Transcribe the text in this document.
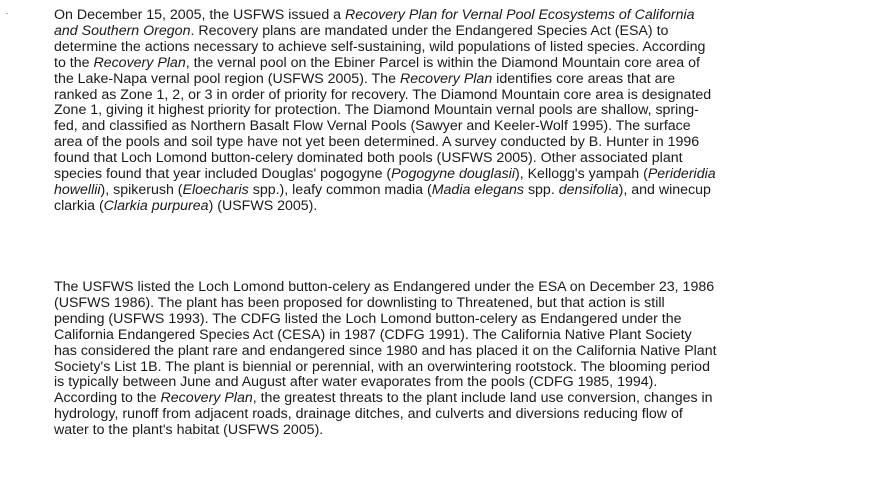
On December 15, 2005, the USFWS issued a Recovery Plan for Vernal Pool Ecosystems of California
and Southern Oregon. Recovery plans are mandated under the Endangered Species Act (ESA) to
determine the actions necessary to achieve self-sustaining, wild populations of listed species. According
to the Recovery Plan, the vernal pool on the Ebiner Parcel is within the Diamond Mountain core area of
the Lake-Napa vernal pool region (USFWS 2005). The Recovery Plan identifies core areas that are
ranked as Zone 1, 2, or 3 in order of priority for recovery. The Diamond Mountain core area is designated
Zone 1, giving it highest priority for protection. The Diamond Mountain vernal pools are shallow, spring-
fed, and classified as Northern Basalt Flow Vernal Pools (Sawyer and Keeler-Wolf 1995). The surface
area of the pools and soil type have not yet been determined. A survey conducted by B. Hunter in 1996
found that Loch Lomond button-celery dominated both pools (USFWS 2005). Other associated plant
species found that year included Douglas' pogogyne (Pogogyne douglasii), Kellogg's yampah (Perideridia
howellii), spikerush (Eloecharis spp.), leafy common madia (Madia elegans spp. densifolia), and winecup
clarkia (Clarkia purpurea) (USFWS 2005).

The USFWS listed the Loch Lomond button-celery as Endangered under the ESA on December 23, 1986
(USFWS 1986). The plant has been proposed for downlisting to Threatened, but that action is still
pending (USFWS 1993). The CDFG listed the Loch Lomond button-celery as Endangered under the
California Endangered Species Act (CESA) in 1987 (CDFG 1991). The California Native Plant Society
has considered the plant rare and endangered since 1980 and has placed it on the California Native Plant
Society's List 1B. The plant is biennial or perennial, with an overwintering rootstock. The blooming period
is typically between June and August after water evaporates from the pools (CDFG 1985, 1994).
According to the Recovery Plan, the greatest threats to the plant include land use conversion, changes in
hydrology, runoff from adjacent roads, drainage ditches, and culverts and diversions reducing flow of
water to the plant's habitat (USFWS 2005).
